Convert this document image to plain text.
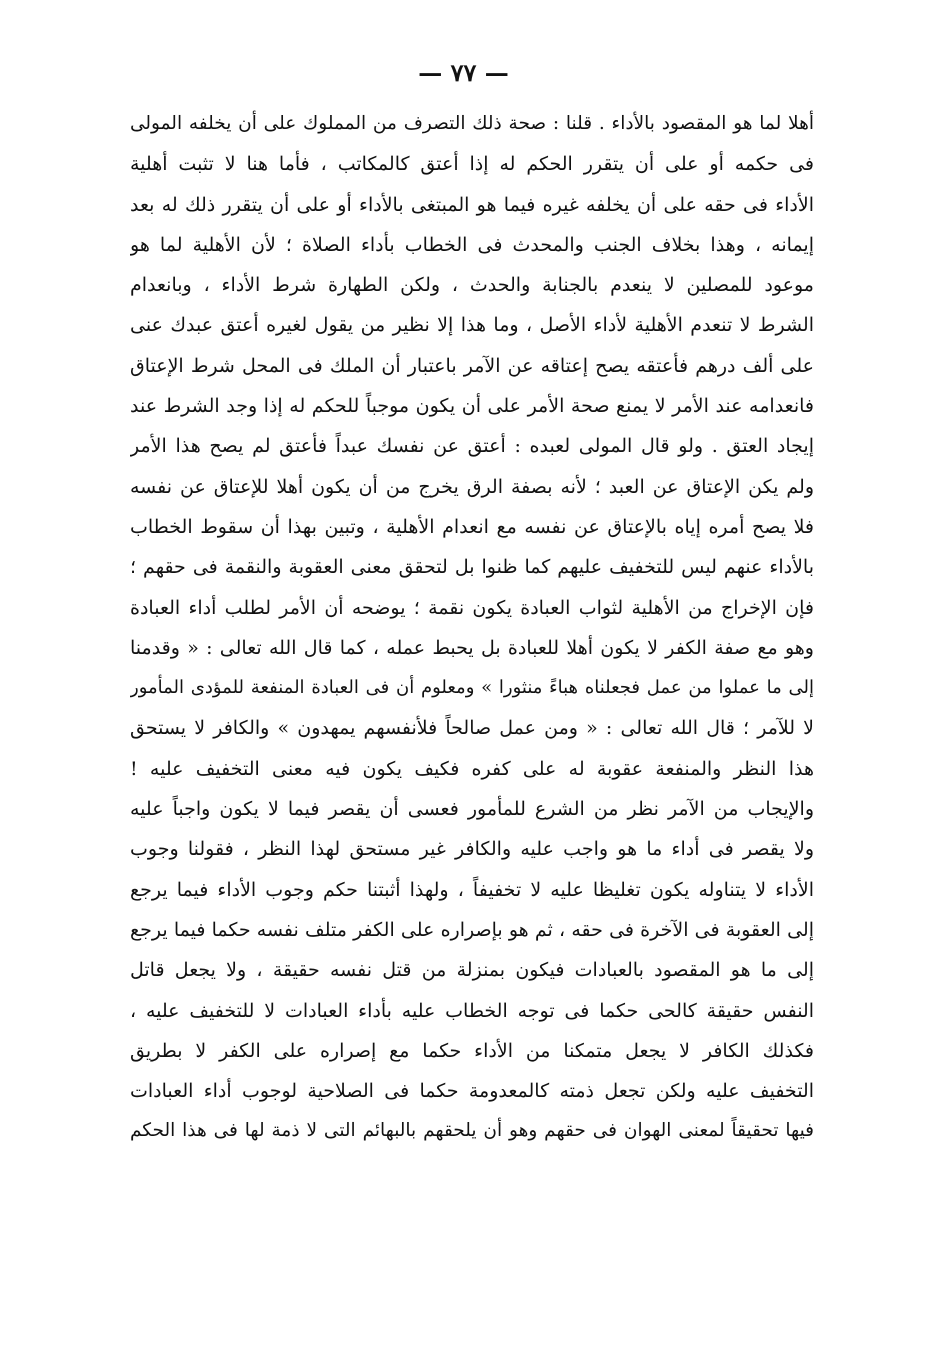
— ٧٧ —
أهلا لما هو المقصود بالأداء . قلنا : صحة ذلك التصرف من المملوك على أن يخلفه المولى
فى حكمه أو على أن يتقرر الحكم له إذا أعتق كالمكاتب ، فأما هنا لا تثبت أهلية
الأداء فى حقه على أن يخلفه غيره فيما هو المبتغى بالأداء أو على أن يتقرر ذلك له بعد
إيمانه ، وهذا بخلاف الجنب والمحدث فى الخطاب بأداء الصلاة ؛ لأن الأهلية لما هو
موعود للمصلين لا ينعدم بالجنابة والحدث ، ولكن الطهارة شرط الأداء ، وبانعدام
الشرط لا تنعدم الأهلية لأداء الأصل ، وما هذا إلا نظير من يقول لغيره أعتق عبدك عنى
على ألف درهم فأعتقه يصح إعتاقه عن الآمر باعتبار أن الملك فى المحل شرط الإعتاق
فانعدامه عند الأمر لا يمنع صحة الأمر على أن يكون موجباً للحكم له إذا وجد الشرط عند
إيجاد العتق . ولو قال المولى لعبده : أعتق عن نفسك عبداً فأعتق لم يصح هذا الأمر
ولم يكن الإعتاق عن العبد ؛ لأنه بصفة الرق يخرج من أن يكون أهلا للإعتاق عن نفسه
فلا يصح أمره إياه بالإعتاق عن نفسه مع انعدام الأهلية ، وتبين بهذا أن سقوط الخطاب
بالأداء عنهم ليس للتخفيف عليهم كما ظنوا بل لتحقق معنى العقوبة والنقمة فى حقهم ؛
فإن الإخراج من الأهلية لثواب العبادة يكون نقمة ؛ يوضحه أن الأمر لطلب أداء العبادة
وهو مع صفة الكفر لا يكون أهلا للعبادة بل يحبط عمله ، كما قال الله تعالى : « وقدمنا
إلى ما عملوا من عمل فجعلناه هباءً منثورا » ومعلوم أن فى العبادة المنفعة للمؤدى المأمور
لا للآمر ؛ قال الله تعالى : « ومن عمل صالحاً فلأنفسهم يمهدون » والكافر لا يستحق
هذا النظر والمنفعة عقوبة له على كفره فكيف يكون فيه معنى التخفيف عليه !
والإيجاب من الآمر نظر من الشرع للمأمور فعسى أن يقصر فيما لا يكون واجباً عليه
ولا يقصر فى أداء ما هو واجب عليه والكافر غير مستحق لهذا النظر ، فقولنا وجوب
الأداء لا يتناوله يكون تغليظا عليه لا تخفيفاً ، ولهذا أثبتنا حكم وجوب الأداء فيما يرجع
إلى العقوبة فى الآخرة فى حقه ، ثم هو بإصراره على الكفر متلف نفسه حكما فيما يرجع
إلى ما هو المقصود بالعبادات فيكون بمنزلة من قتل نفسه حقيقة ، ولا يجعل قاتل
النفس حقيقة كالحى حكما فى توجه الخطاب عليه بأداء العبادات لا للتخفيف عليه ،
فكذلك الكافر لا يجعل متمكنا من الأداء حكما مع إصراره على الكفر لا بطريق
التخفيف عليه ولكن تجعل ذمته كالمعدومة حكما فى الصلاحية لوجوب أداء العبادات
فيها تحقيقاً لمعنى الهوان فى حقهم وهو أن يلحقهم بالبهائم التى لا ذمة لها فى هذا الحكم
